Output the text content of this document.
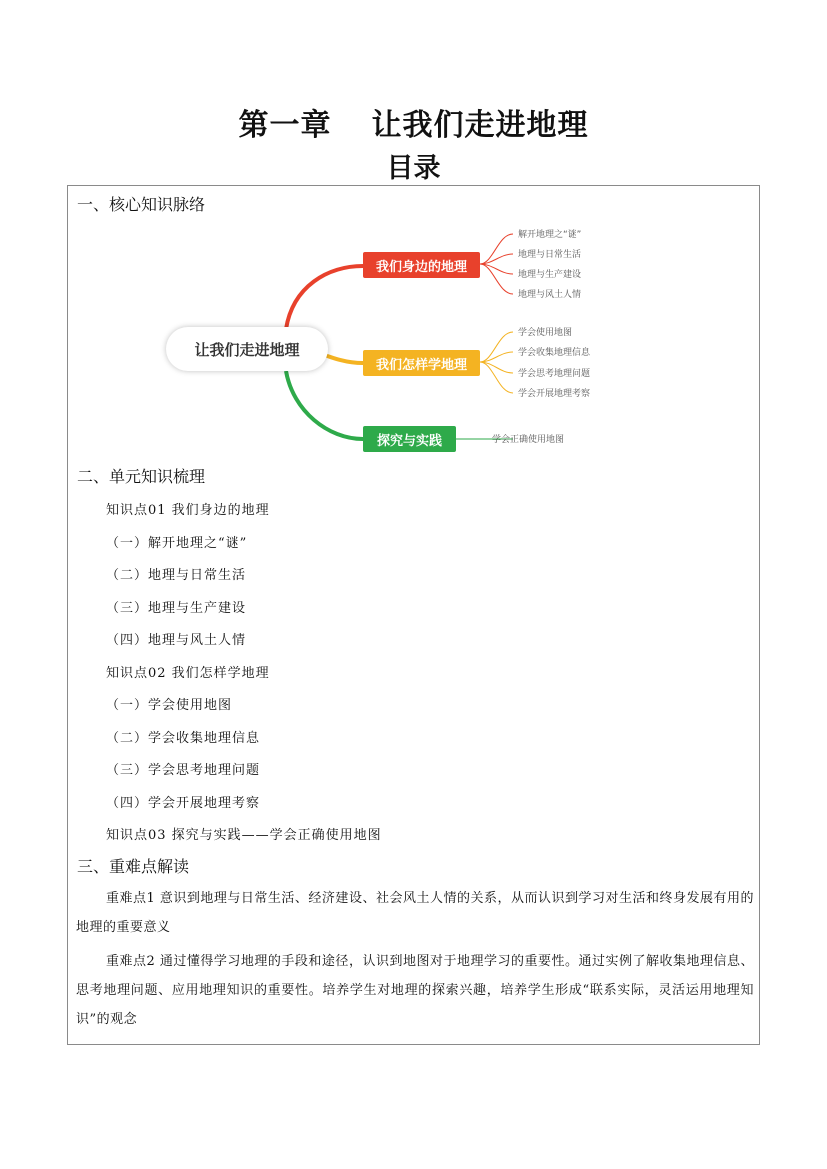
第一章 让我们走进地理
目录
一、核心知识脉络
让我们走进地理
我们身边的地理
我们怎样学地理
探究与实践
解开地理之“谜”
地理与日常生活
地理与生产建设
地理与风土人情
学会使用地图
学会收集地理信息
学会思考地理问题
学会开展地理考察
学会正确使用地图
二、单元知识梳理
知识点01 我们身边的地理
（一）解开地理之“谜”
（二）地理与日常生活
（三）地理与生产建设
（四）地理与风土人情
知识点02 我们怎样学地理
（一）学会使用地图
（二）学会收集地理信息
（三）学会思考地理问题
（四）学会开展地理考察
知识点03 探究与实践——学会正确使用地图
三、重难点解读
重难点1 意识到地理与日常生活、经济建设、社会风土人情的关系，从而认识到学习对生活和终身发展有用的地理的重要意义
重难点2 通过懂得学习地理的手段和途径，认识到地图对于地理学习的重要性。通过实例了解收集地理信息、思考地理问题、应用地理知识的重要性。培养学生对地理的探索兴趣，培养学生形成“联系实际，灵活运用地理知识”的观念
